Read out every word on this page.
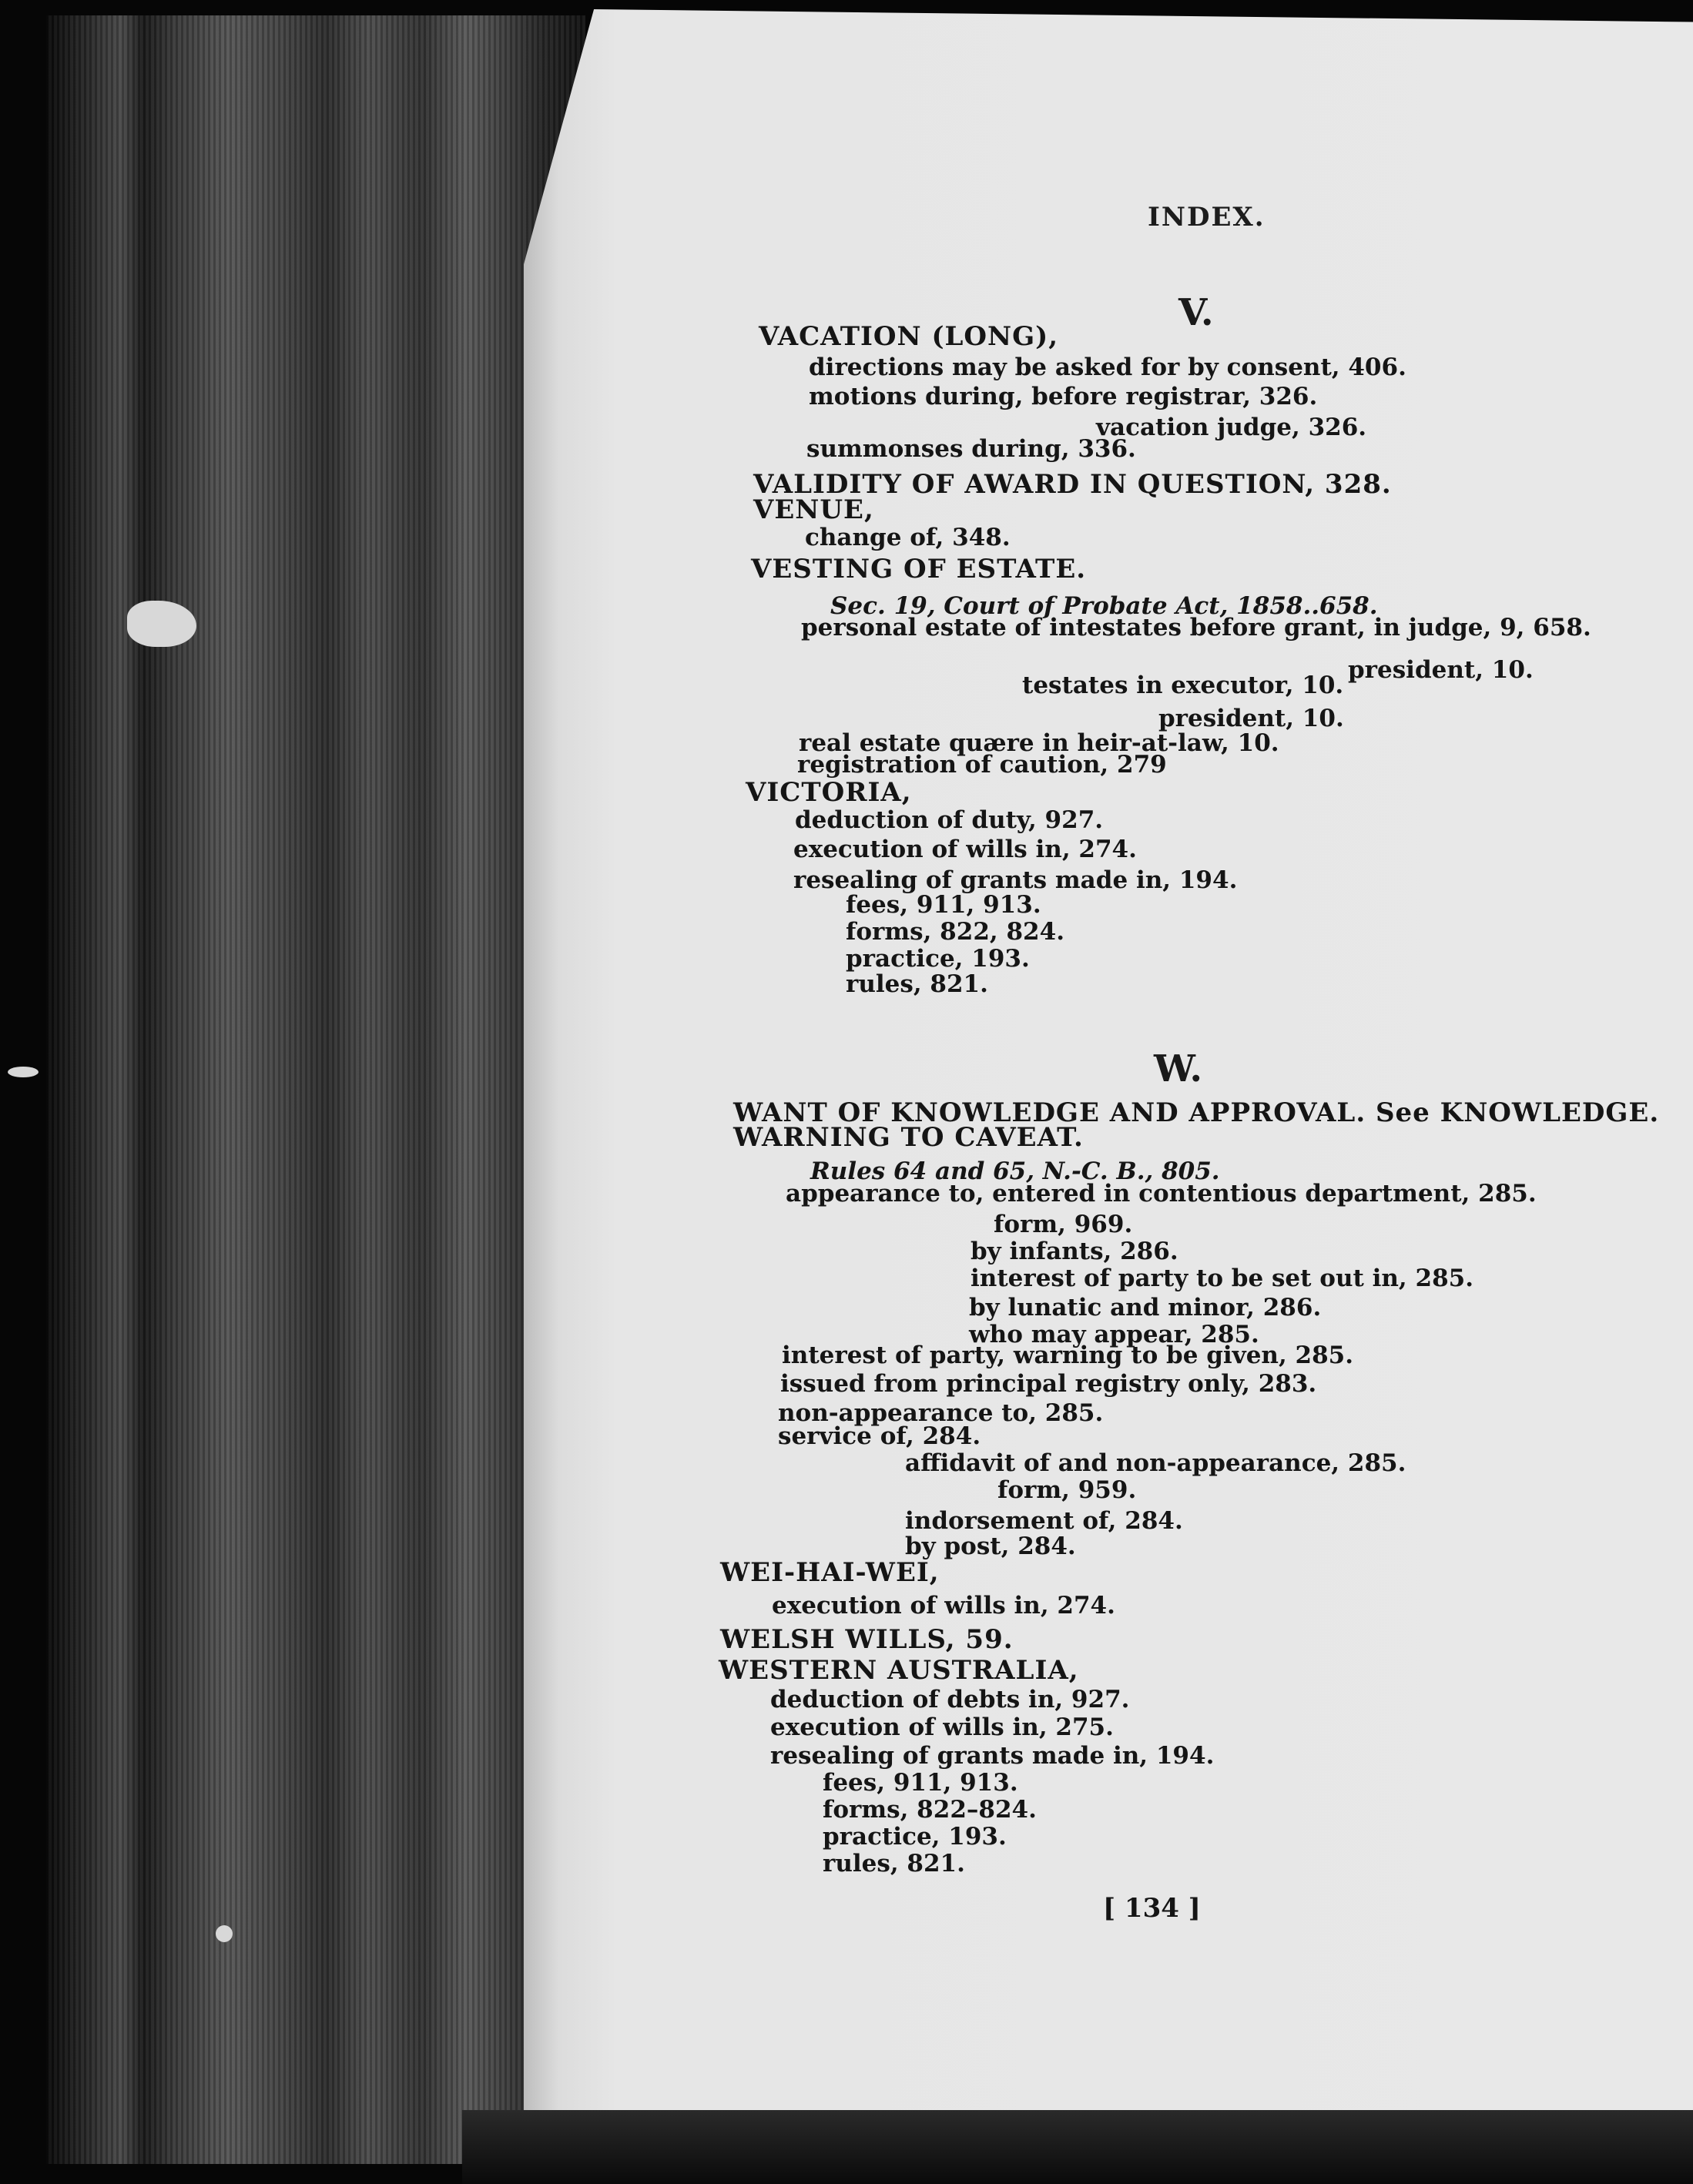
INDEX.
V.
W.
VACATION (LONG),
directions may be asked for by consent, 406.
motions during, before registrar, 326.
vacation judge, 326.
summonses during, 336.
VALIDITY OF AWARD IN QUESTION, 328.
VENUE,
change of, 348.
VESTING OF ESTATE.
Sec. 19, Court of Probate Act, 1858..658.
personal estate of intestates before grant, in judge, 9, 658.
president, 10.
testates in executor, 10.
president, 10.
real estate quære in heir-at-law, 10.
registration of caution, 279
VICTORIA,
deduction of duty, 927.
execution of wills in, 274.
resealing of grants made in, 194.
fees, 911, 913.
forms, 822, 824.
practice, 193.
rules, 821.
WANT OF KNOWLEDGE AND APPROVAL. See KNOWLEDGE.
WARNING TO CAVEAT.
Rules 64 and 65, N.-C. B., 805.
appearance to, entered in contentious department, 285.
form, 969.
by infants, 286.
interest of party to be set out in, 285.
by lunatic and minor, 286.
who may appear, 285.
interest of party, warning to be given, 285.
issued from principal registry only, 283.
non-appearance to, 285.
service of, 284.
affidavit of and non-appearance, 285.
form, 959.
indorsement of, 284.
by post, 284.
WEI-HAI-WEI,
execution of wills in, 274.
WELSH WILLS, 59.
WESTERN AUSTRALIA,
deduction of debts in, 927.
execution of wills in, 275.
resealing of grants made in, 194.
fees, 911, 913.
forms, 822–824.
practice, 193.
rules, 821.
[ 134 ]
